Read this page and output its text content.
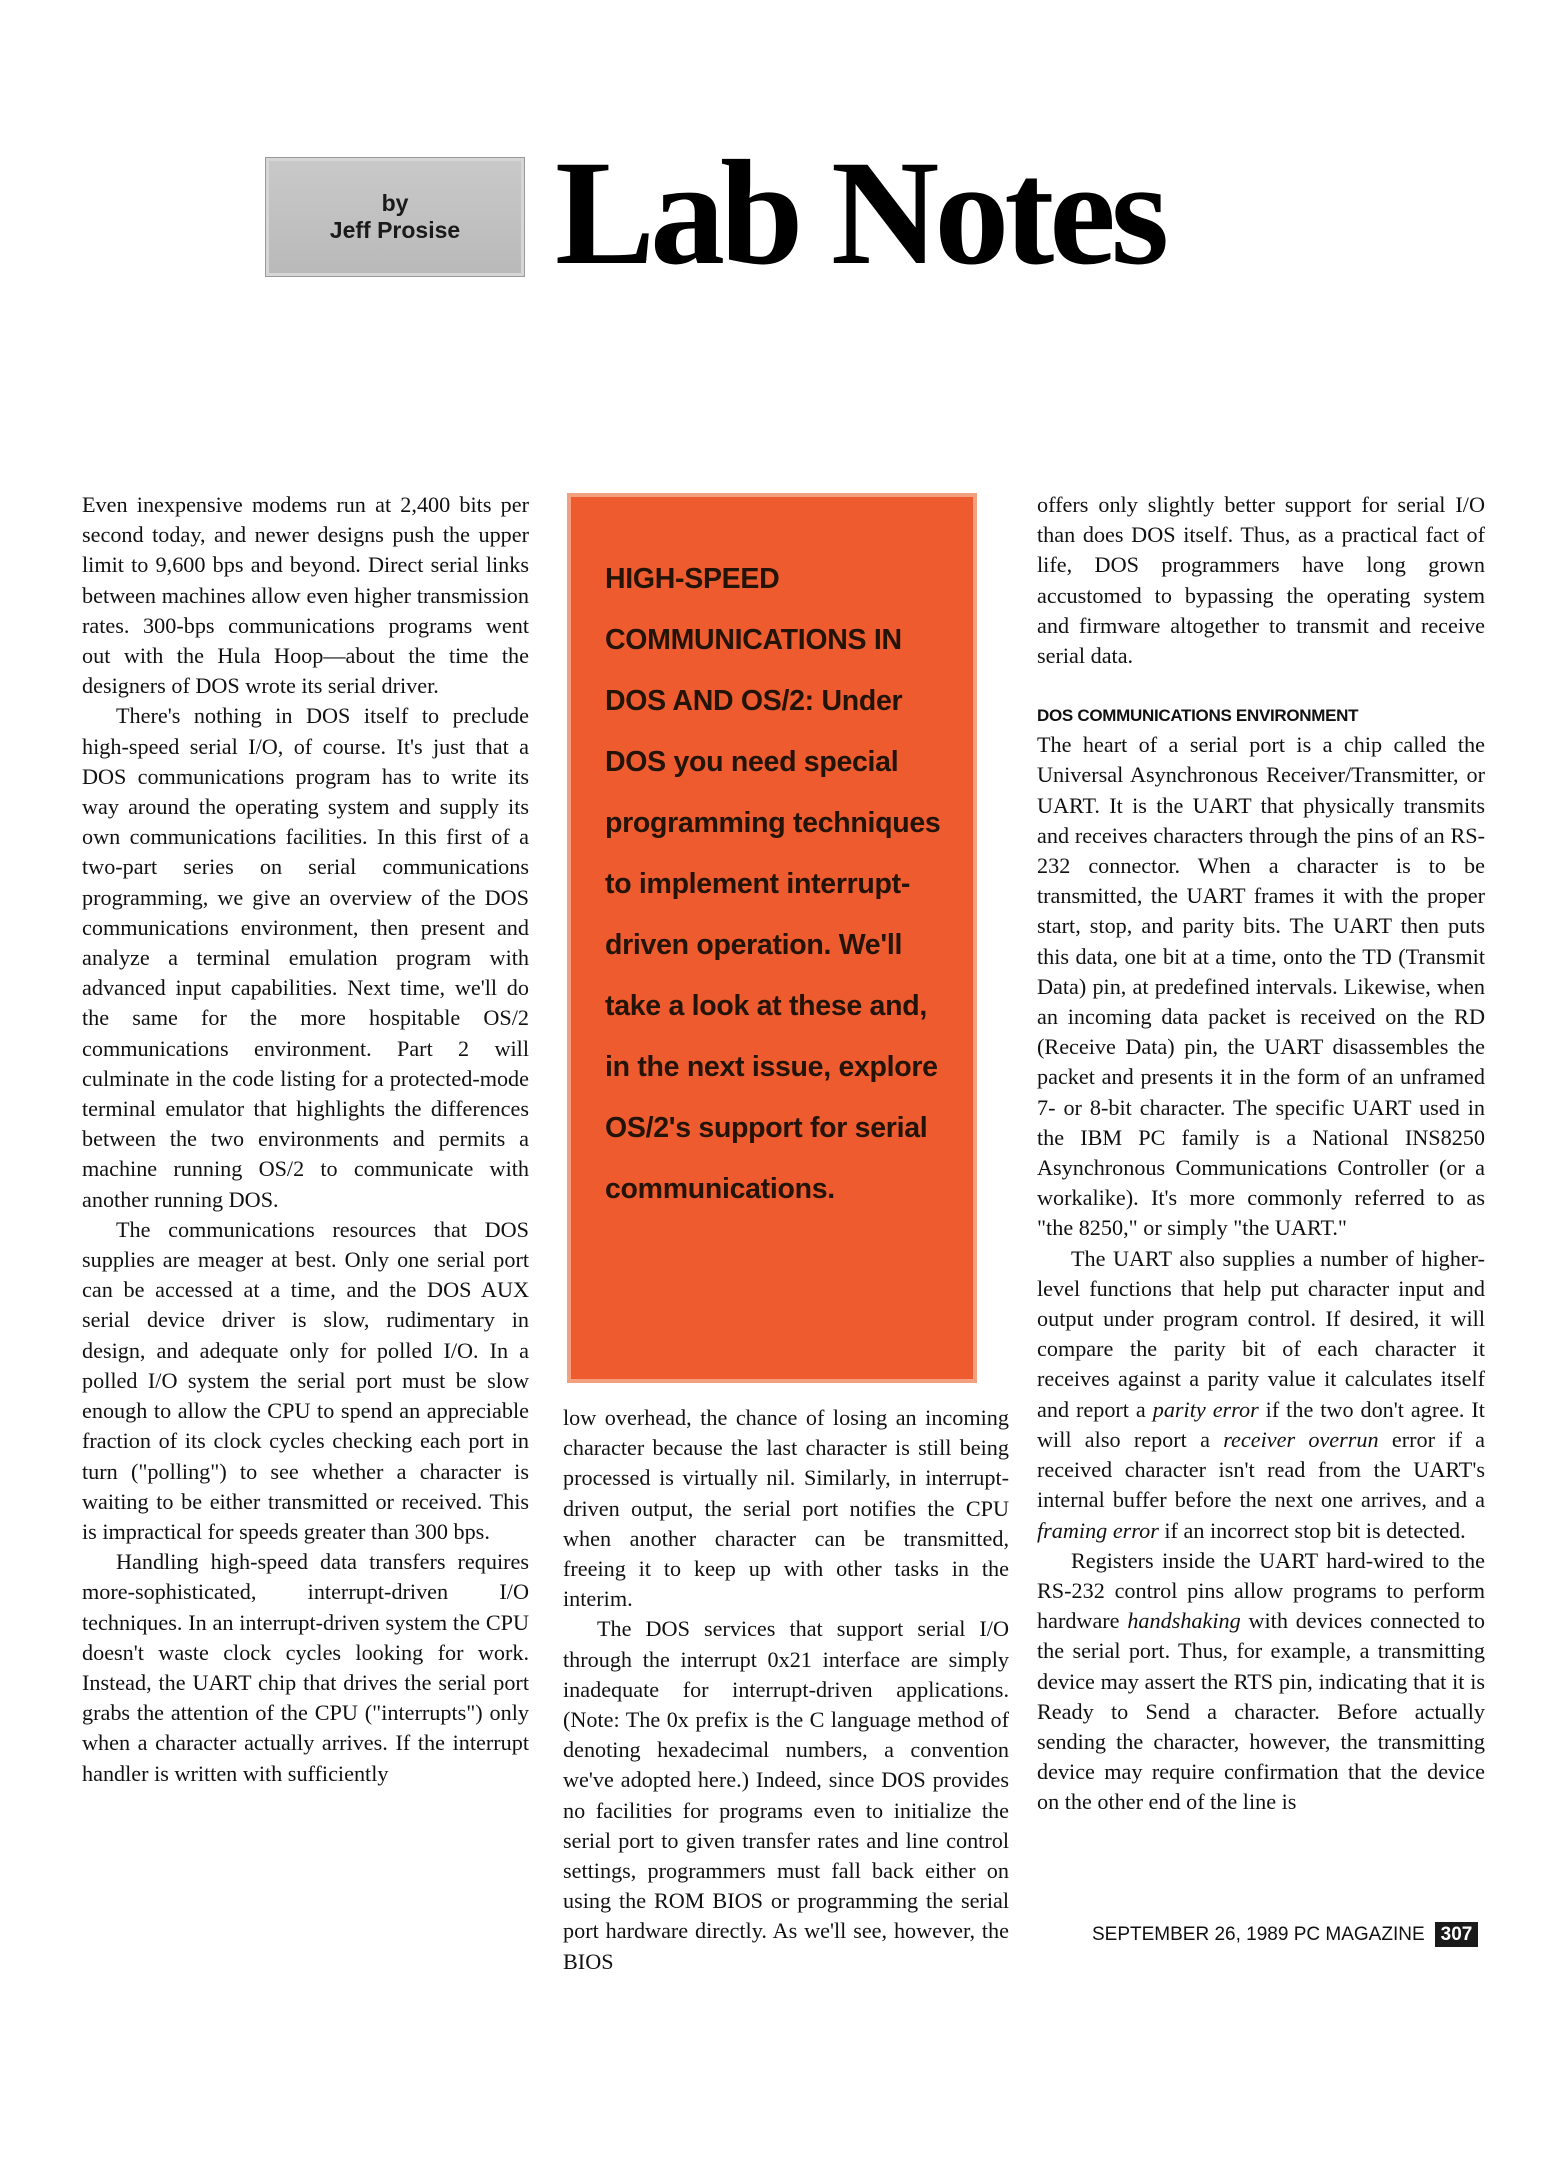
by
Jeff Prosise Lab Notes

Even inexpensive modems run at 2,400 bits per second today, and newer designs push the upper limit to 9,600 bps and beyond. Direct serial links between machines allow even higher transmission rates. 300-bps communications programs went out with the Hula Hoop—about the time the designers of DOS wrote its serial driver.

There's nothing in DOS itself to preclude high-speed serial I/O, of course. It's just that a DOS communications program has to write its way around the operating system and supply its own communications facilities. In this first of a two-part series on serial communications programming, we give an overview of the DOS communications environment, then present and analyze a terminal emulation program with advanced input capabilities. Next time, we'll do the same for the more hospitable OS/2 communications environment. Part 2 will culminate in the code listing for a protected-mode terminal emulator that highlights the differences between the two environments and permits a machine running OS/2 to communicate with another running DOS.

The communications resources that DOS supplies are meager at best. Only one serial port can be accessed at a time, and the DOS AUX serial device driver is slow, rudimentary in design, and adequate only for polled I/O. In a polled I/O system the serial port must be slow enough to allow the CPU to spend an appreciable fraction of its clock cycles checking each port in turn ("polling") to see whether a character is waiting to be either transmitted or received. This is impractical for speeds greater than 300 bps.

Handling high-speed data transfers requires more-sophisticated, interrupt-driven I/O techniques. In an interrupt-driven system the CPU doesn't waste clock cycles looking for work. Instead, the UART chip that drives the serial port grabs the attention of the CPU ("interrupts") only when a character actually arrives. If the interrupt handler is written with sufficiently

HIGH-SPEED COMMUNICATIONS IN DOS AND OS/2: Under DOS you need special programming techniques to implement interrupt-driven operation. We'll take a look at these and, in the next issue, explore OS/2's support for serial communications.

low overhead, the chance of losing an incoming character because the last character is still being processed is virtually nil. Similarly, in interrupt-driven output, the serial port notifies the CPU when another character can be transmitted, freeing it to keep up with other tasks in the interim.

The DOS services that support serial I/O through the interrupt 0x21 interface are simply inadequate for interrupt-driven applications. (Note: The 0x prefix is the C language method of denoting hexadecimal numbers, a convention we've adopted here.) Indeed, since DOS provides no facilities for programs even to initialize the serial port to given transfer rates and line control settings, programmers must fall back either on using the ROM BIOS or programming the serial port hardware directly. As we'll see, however, the BIOS

offers only slightly better support for serial I/O than does DOS itself. Thus, as a practical fact of life, DOS programmers have long grown accustomed to bypassing the operating system and firmware altogether to transmit and receive serial data.

DOS COMMUNICATIONS ENVIRONMENT

The heart of a serial port is a chip called the Universal Asynchronous Receiver/Transmitter, or UART. It is the UART that physically transmits and receives characters through the pins of an RS-232 connector. When a character is to be transmitted, the UART frames it with the proper start, stop, and parity bits. The UART then puts this data, one bit at a time, onto the TD (Transmit Data) pin, at predefined intervals. Likewise, when an incoming data packet is received on the RD (Receive Data) pin, the UART disassembles the packet and presents it in the form of an unframed 7- or 8-bit character. The specific UART used in the IBM PC family is a National INS8250 Asynchronous Communications Controller (or a workalike). It's more commonly referred to as "the 8250," or simply "the UART."

The UART also supplies a number of higher-level functions that help put character input and output under program control. If desired, it will compare the parity bit of each character it receives against a parity value it calculates itself and report a parity error if the two don't agree. It will also report a receiver overrun error if a received character isn't read from the UART's internal buffer before the next one arrives, and a framing error if an incorrect stop bit is detected.

Registers inside the UART hard-wired to the RS-232 control pins allow programs to perform hardware handshaking with devices connected to the serial port. Thus, for example, a transmitting device may assert the RTS pin, indicating that it is Ready to Send a character. Before actually sending the character, however, the transmitting device may require confirmation that the device on the other end of the line is

SEPTEMBER 26, 1989 PC MAGAZINE 307
